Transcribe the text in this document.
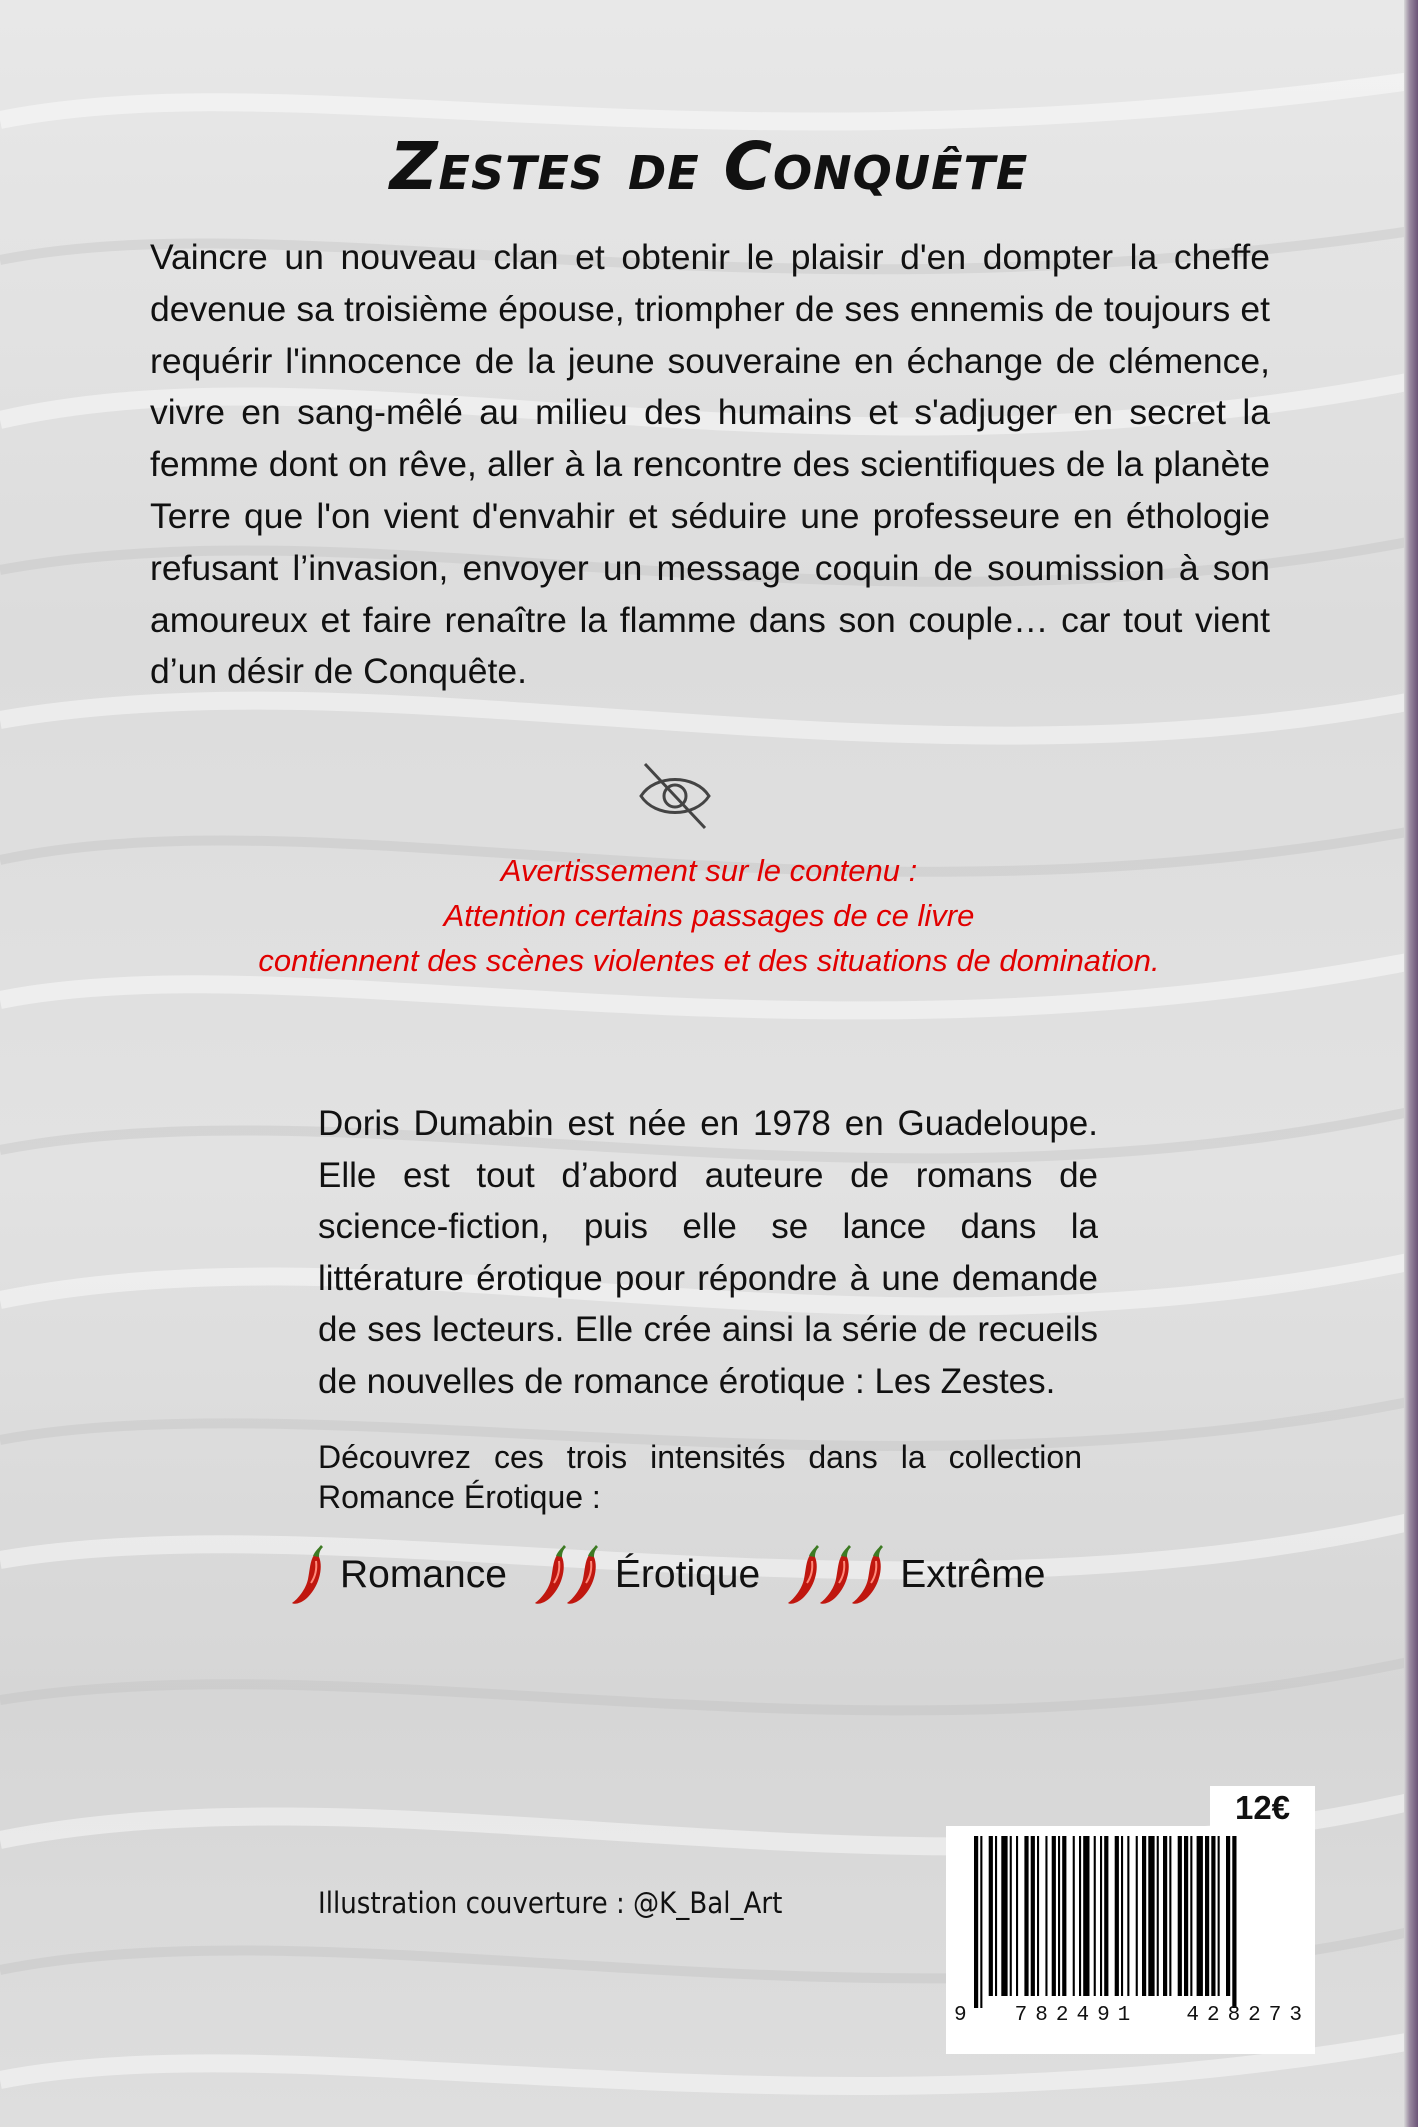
Zestes de Conquête

Vaincre un nouveau clan et obtenir le plaisir d'en dompter la cheffe devenue sa troisième épouse, triompher de ses ennemis de toujours et requérir l'innocence de la jeune souveraine en échange de clémence, vivre en sang-mêlé au milieu des humains et s'adjuger en secret la femme dont on rêve, aller à la rencontre des scientifiques de la planète Terre que l'on vient d'envahir et séduire une professeure en éthologie refusant l’invasion, envoyer un message coquin de soumission à son amoureux et faire renaître la flamme dans son couple… car tout vient d’un désir de Conquête.

Avertissement sur le contenu :
Attention certains passages de ce livre
contiennent des scènes violentes et des situations de domination.

Doris Dumabin est née en 1978 en Guadeloupe. Elle est tout d’abord auteure de romans de science-fiction, puis elle se lance dans la littérature érotique pour répondre à une demande de ses lecteurs. Elle crée ainsi la série de recueils de nouvelles de romance érotique : Les Zestes.

Découvrez ces trois intensités dans la collection Romance Érotique :

Romance	Érotique	Extrême
Illustration couverture : @K_Bal_Art
12€
9 782491 428273
